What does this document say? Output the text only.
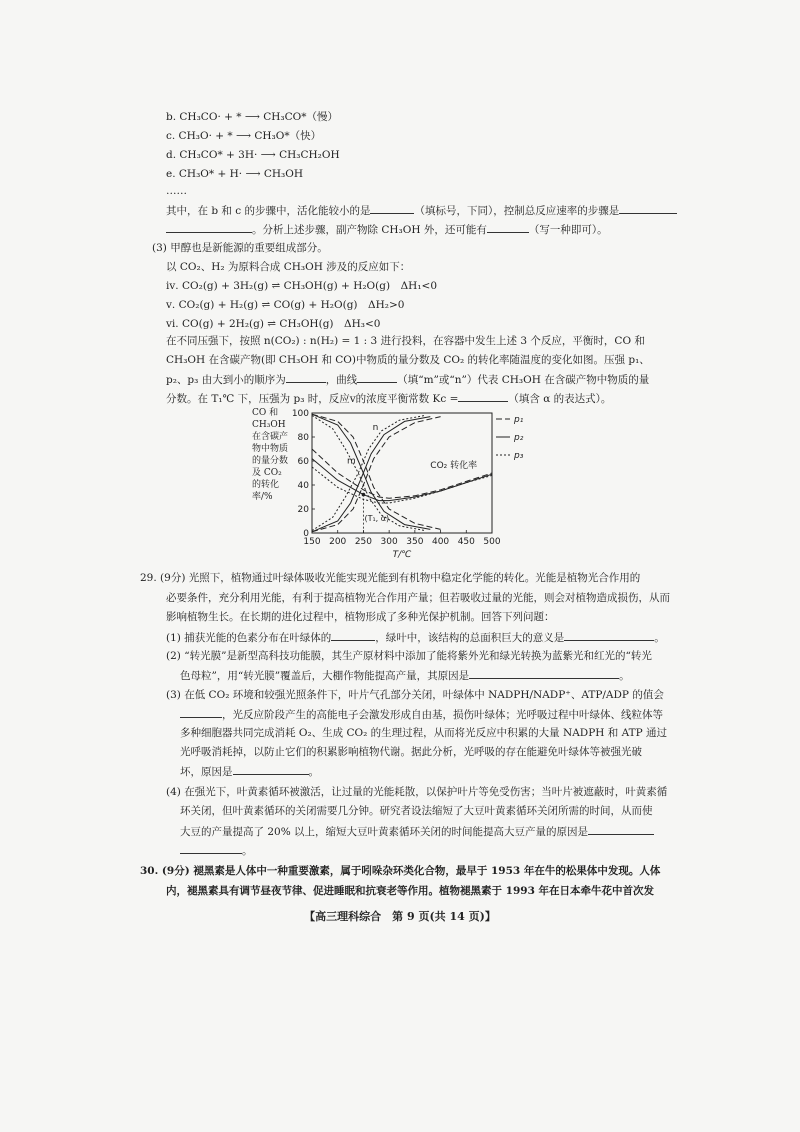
b. CH₃CO· + * ⟶ CH₃CO*（慢）
c. CH₃O· + * ⟶ CH₃O*（快）
d. CH₃CO* + 3H· ⟶ CH₃CH₂OH
e. CH₃O* + H· ⟶ CH₃OH
……
其中，在 b 和 c 的步骤中，活化能较小的是	（填标号，下同），控制总反应速率的步骤是
。分析上述步骤，副产物除 CH₃OH 外，还可能有	（写一种即可）。
(3) 甲醇也是新能源的重要组成部分。
以 CO₂、H₂ 为原料合成 CH₃OH 涉及的反应如下：
ⅳ. CO₂(g) + 3H₂(g) ⇌ CH₃OH(g) + H₂O(g)　ΔH₁<0
ⅴ. CO₂(g) + H₂(g) ⇌ CO(g) + H₂O(g)　ΔH₂>0
ⅵ. CO(g) + 2H₂(g) ⇌ CH₃OH(g)　ΔH₃<0
在不同压强下，按照 n(CO₂) : n(H₂) = 1 : 3 进行投料，在容器中发生上述 3 个反应，平衡时，CO 和
CH₃OH 在含碳产物(即 CH₃OH 和 CO)中物质的量分数及 CO₂ 的转化率随温度的变化如图。压强 p₁、
p₂、p₃ 由大到小的顺序为	，曲线	（填“m”或“n”）代表 CH₃OH 在含碳产物中物质的量
分数。在 T₁℃ 下，压强为 p₃ 时，反应ⅴ的浓度平衡常数 Kc =	（填含 α 的表达式）。
CO 和 CH₃OH 在含碳产物中物质的量分数及 CO₂ 的转化率/%
150 200 250 300 350 400 450 500
0
20
40
60
80
100
T/℃
n
m	CO₂ 转化率
(T₁, α)
p₁
p₂
p₃
29. (9分) 光照下，植物通过叶绿体吸收光能实现光能到有机物中稳定化学能的转化。光能是植物光合作用的
必要条件，充分利用光能，有利于提高植物光合作用产量；但若吸收过量的光能，则会对植物造成损伤，从而
影响植物生长。在长期的进化过程中，植物形成了多种光保护机制。回答下列问题：
(1) 捕获光能的色素分布在叶绿体的	，绿叶中，该结构的总面积巨大的意义是	。
(2) “转光膜”是新型高科技功能膜，其生产原材料中添加了能将紫外光和绿光转换为蓝紫光和红光的“转光
色母粒”，用“转光膜”覆盖后，大棚作物能提高产量，其原因是	。
(3) 在低 CO₂ 环境和较强光照条件下，叶片气孔部分关闭，叶绿体中 NADPH/NADP⁺、ATP/ADP 的值会
，光反应阶段产生的高能电子会激发形成自由基，损伤叶绿体；光呼吸过程中叶绿体、线粒体等
多种细胞器共同完成消耗 O₂、生成 CO₂ 的生理过程，从而将光反应中积累的大量 NADPH 和 ATP 通过
光呼吸消耗掉，以防止它们的积累影响植物代谢。据此分析，光呼吸的存在能避免叶绿体等被强光破
坏，原因是	。
(4) 在强光下，叶黄素循环被激活，让过量的光能耗散，以保护叶片等免受伤害；当叶片被遮蔽时，叶黄素循
环关闭，但叶黄素循环的关闭需要几分钟。研究者设法缩短了大豆叶黄素循环关闭所需的时间，从而使
大豆的产量提高了 20% 以上，缩短大豆叶黄素循环关闭的时间能提高大豆产量的原因是
。
30. (9分) 褪黑素是人体中一种重要激素，属于吲哚杂环类化合物，最早于 1953 年在牛的松果体中发现。人体
内，褪黑素具有调节昼夜节律、促进睡眠和抗衰老等作用。植物褪黑素于 1993 年在日本牵牛花中首次发
【高三理科综合　第 9 页(共 14 页)】
